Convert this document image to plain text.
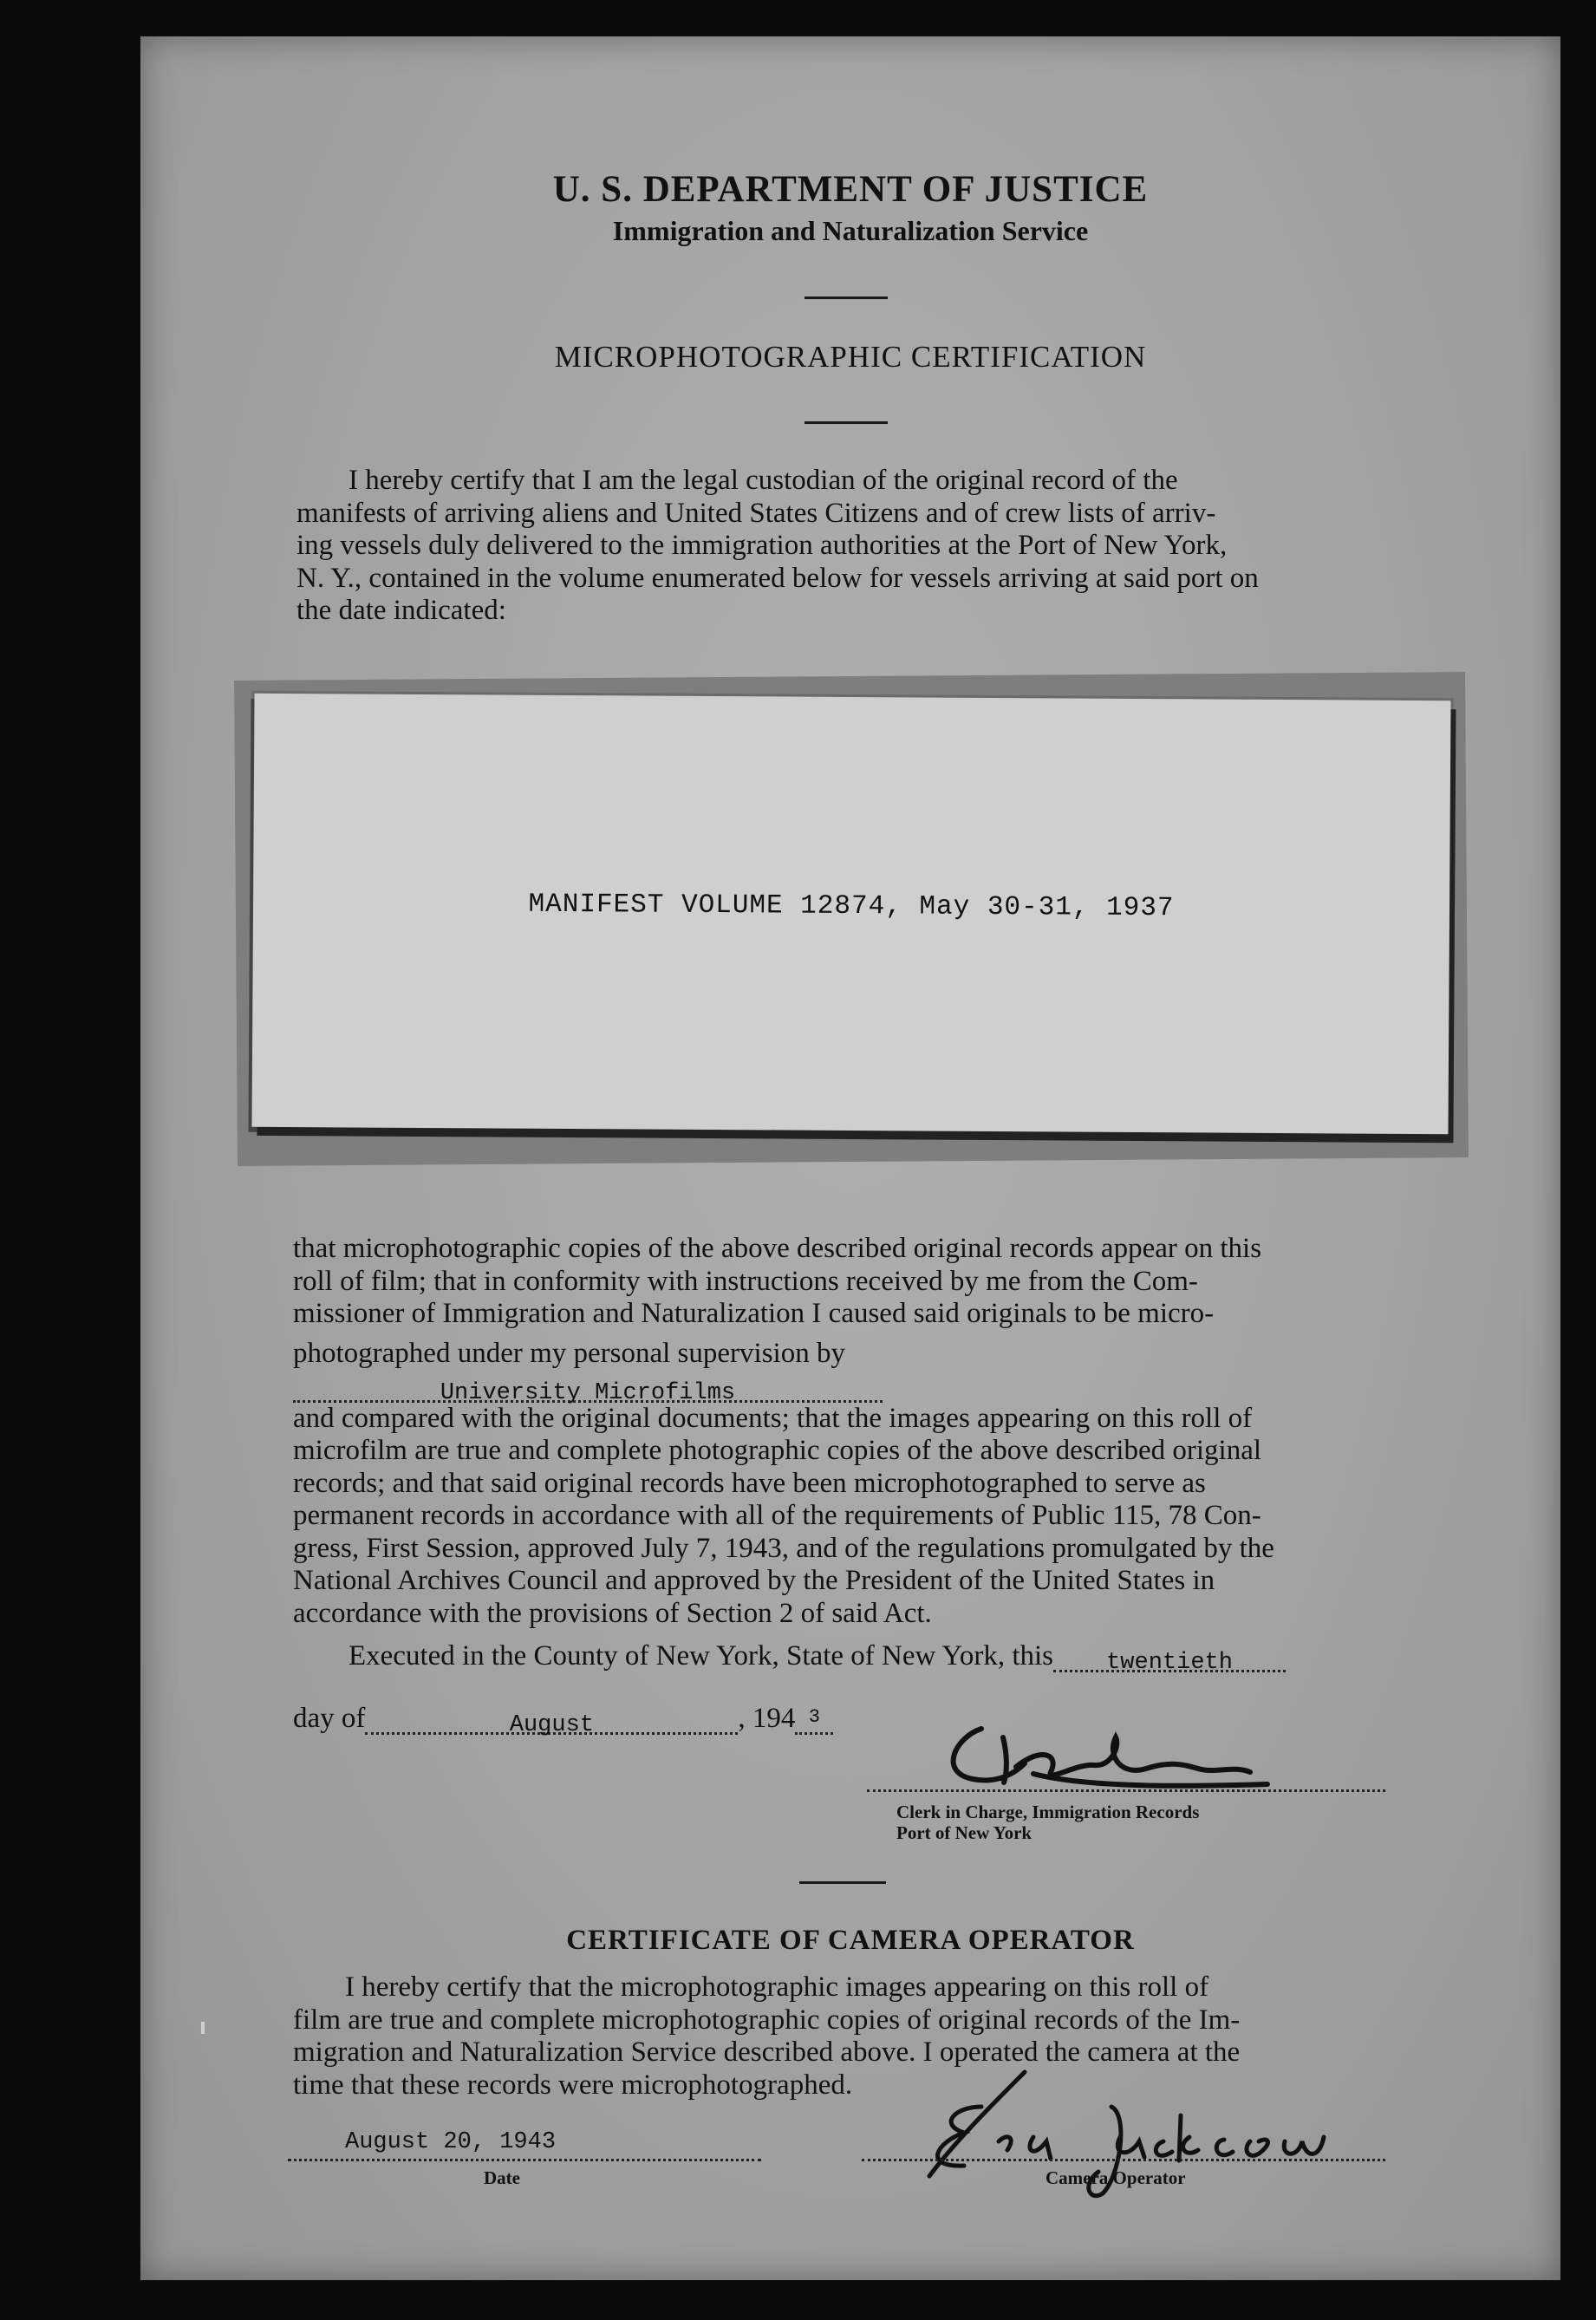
U. S. DEPARTMENT OF JUSTICE
Immigration and Naturalization Service
MICROPHOTOGRAPHIC CERTIFICATION
I hereby certify that I am the legal custodian of the original record of the
manifests of arriving aliens and United States Citizens and of crew lists of arriv-
ing vessels duly delivered to the immigration authorities at the Port of New York,
N. Y., contained in the volume enumerated below for vessels arriving at said port on
the date indicated:
MANIFEST VOLUME 12874, May 30-31, 1937
that microphotographic copies of the above described original records appear on this
roll of film; that in conformity with instructions received by me from the Com-
missioner of Immigration and Naturalization I caused said originals to be micro-
photographed under my personal supervision byUniversity Microfilms
and compared with the original documents; that the images appearing on this roll of
microfilm are true and complete photographic copies of the above described original
records; and that said original records have been microphotographed to serve as
permanent records in accordance with all of the requirements of Public 115, 78 Con-
gress, First Session, approved July 7, 1943, and of the regulations promulgated by the
National Archives Council and approved by the President of the United States in
accordance with the provisions of Section 2 of said Act.
Executed in the County of New York, State of New York, this twentieth
day of	August	, 194 $^3$
Clerk in Charge, Immigration Records
Port of New York
CERTIFICATE OF CAMERA OPERATOR
I hereby certify that the microphotographic images appearing on this roll of
film are true and complete microphotographic copies of original records of the Im-
migration and Naturalization Service described above. I operated the camera at the
time that these records were microphotographed.
August 20, 1943
Date	Camera Operator
